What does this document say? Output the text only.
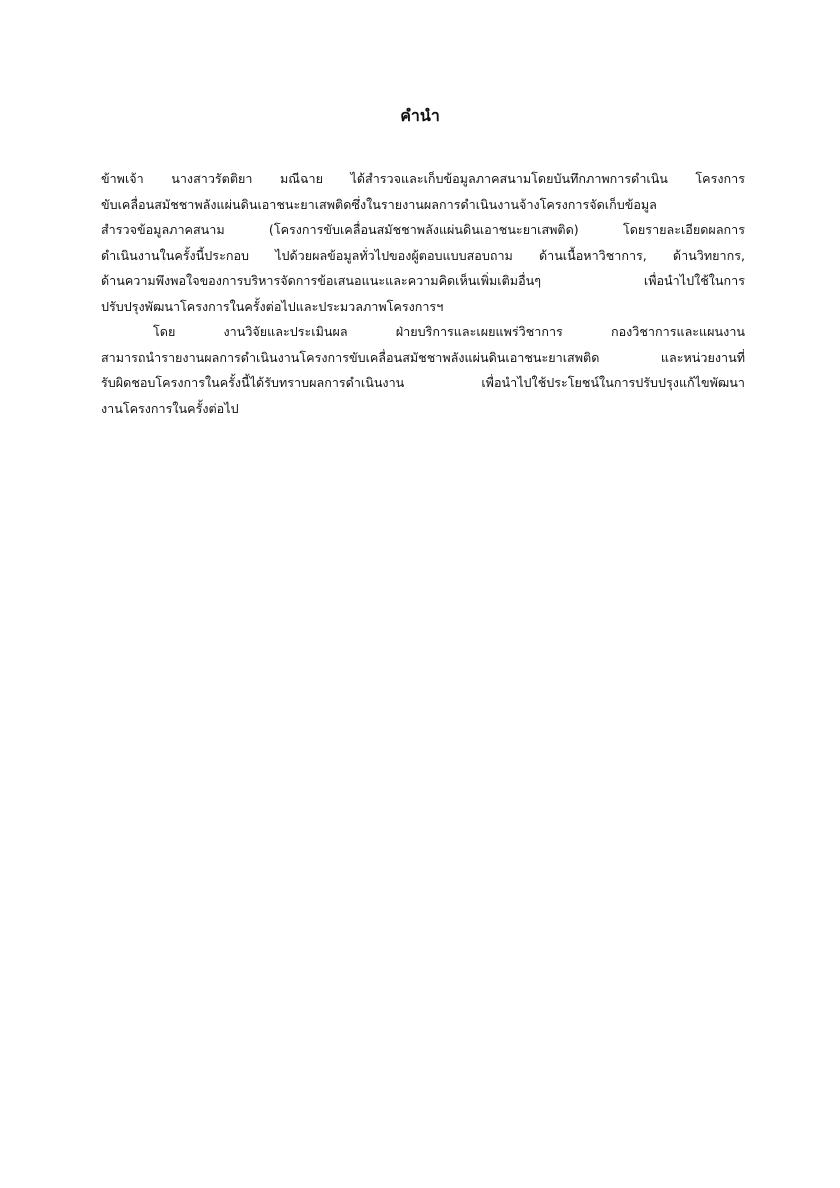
คำนำ
ข้าพเจ้า นางสาวรัตติยา มณีฉาย ได้สำรวจและเก็บข้อมูลภาคสนามโดยบันทึกภาพการดำเนิน โครงการ
ขับเคลื่อนสมัชชาพลังแผ่นดินเอาชนะยาเสพติดซึ่งในรายงานผลการดำเนินงานจ้างโครงการจัดเก็บข้อมูล
สำรวจข้อมูลภาคสนาม (โครงการขับเคลื่อนสมัชชาพลังแผ่นดินเอาชนะยาเสพติด) โดยรายละเอียดผลการ
ดำเนินงานในครั้งนี้ประกอบ ไปด้วยผลข้อมูลทั่วไปของผู้ตอบแบบสอบถาม ด้านเนื้อหาวิชาการ, ด้านวิทยากร,
ด้านความพึงพอใจของการบริหารจัดการข้อเสนอแนะและความคิดเห็นเพิ่มเติมอื่นๆ เพื่อนำไปใช้ในการ
ปรับปรุงพัฒนาโครงการในครั้งต่อไปและประมวลภาพโครงการฯ
โดย งานวิจัยและประเมินผล ฝ่ายบริการและเผยแพร่วิชาการ กองวิชาการและแผนงาน
สามารถนำรายงานผลการดำเนินงานโครงการขับเคลื่อนสมัชชาพลังแผ่นดินเอาชนะยาเสพติด และหน่วยงานที่
รับผิดชอบโครงการในครั้งนี้ได้รับทราบผลการดำเนินงาน เพื่อนำไปใช้ประโยชน์ในการปรับปรุงแก้ไขพัฒนา
งานโครงการในครั้งต่อไป
